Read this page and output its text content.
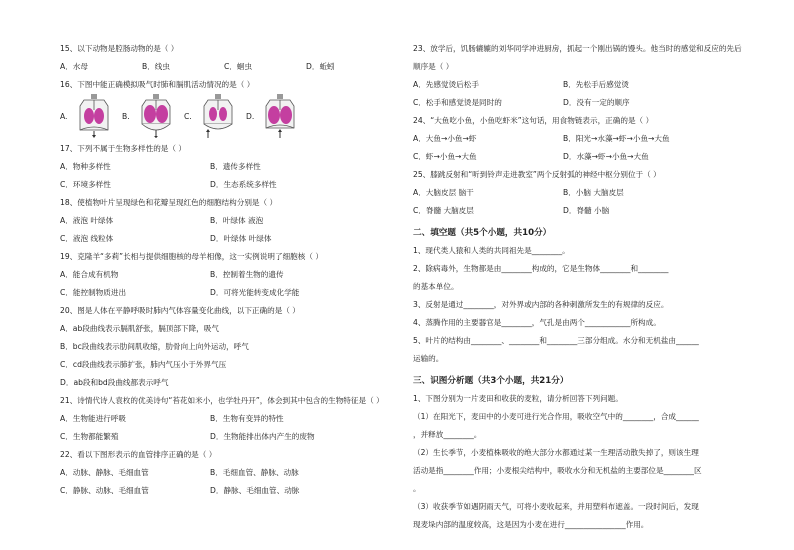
15、以下动物是腔肠动物的是（ ）
A．水母	B．线虫	C．蛔虫	D．蚯蚓
16、下图中能正确模拟吸气时肺和膈肌活动情况的是（ ）
A.	B.	C.	D.
17、下列不属于生物多样性的是（ ）
A．物种多样性	B．遗传多样性
C．环境多样性	D．生态系统多样性
18、使植物叶片呈现绿色和花瓣呈现红色的细胞结构分别是（ ）
A．液泡 叶绿体	B．叶绿体 液泡
C．液泡 线粒体	D．叶绿体 叶绿体
19、克隆羊“多莉”长相与提供细胞核的母羊相像，这一实例说明了细胞核（ ）
A．能合成有机物	B．控制着生物的遗传
C．能控制物质进出	D．可将光能转变成化学能
20、图是人体在平静呼吸时肺内气体容量变化曲线，以下正确的是（ ）
A．ab段曲线表示膈肌舒张，膈顶部下降，吸气
B．bc段曲线表示肋间肌收缩，肋骨向上向外运动，呼气
C．cd段曲线表示肺扩张，肺内气压小于外界气压
D．ab段和bd段曲线都表示呼气
21、诗情代诗人袁枚的优美诗句“苔花如米小，也学牡丹开”，体会到其中包含的生物特征是（ ）
A．生物能进行呼吸	B．生物有变异的特性
C．生物都能繁殖	D．生物能排出体内产生的废物
22、看以下图形表示的血管排序正确的是（ ）
A．动脉、静脉、毛细血管	B．毛细血管、静脉、动脉
C．静脉、动脉、毛细血管	D．静脉、毛细血管、动脉
23、放学后，饥肠辘辘的刘华同学冲进厨房，抓起一个刚出锅的馒头。他当时的感觉和反应的先后顺序是（ ）
A．先感觉烫后松手	B．先松手后感觉烫
C．松手和感觉烫是同时的	D．没有一定的顺序
24、“大鱼吃小鱼，小鱼吃虾米”这句话，用食物链表示，正确的是（ ）
A．大鱼→小鱼→虾	B．阳光→水藻→虾→小鱼→大鱼
C．虾→小鱼→大鱼	D．水藻→虾→小鱼→大鱼
25、膝跳反射和“听到铃声走进教室”两个反射弧的神经中枢分别位于（ ）
A．大脑皮层 脑干	B．小脑 大脑皮层
C．脊髓 大脑皮层	D．脊髓 小脑
二、填空题（共5个小题，共10分）
1、现代类人猿和人类的共同祖先是________。
2、除病毒外，生物都是由________构成的，它是生物体________和________
的基本单位。
3、反射是通过________，对外界或内部的各种刺激所发生的有规律的反应。
4、蒸腾作用的主要器官是________，气孔是由两个____________所构成。
5、叶片的结构由________、________和________三部分组成。水分和无机盐由______
运输的。
三、识图分析题（共3个小题，共21分）
1、下图分别为一片麦田和收获的麦粒，请分析回答下列问题。
（1）在阳光下，麦田中的小麦可进行光合作用，吸收空气中的________，合成______
，并释放________。
（2）生长季节，小麦植株吸收的绝大部分水都通过某一生理活动散失掉了，则该生理
活动是指________作用；小麦根尖结构中，吸收水分和无机盐的主要部位是________区
。
（3）收获季节如遇阴雨天气，可将小麦收起来，并用塑料布遮盖。一段时间后，发现
现麦垛内部的温度较高，这是因为小麦在进行________________作用。
